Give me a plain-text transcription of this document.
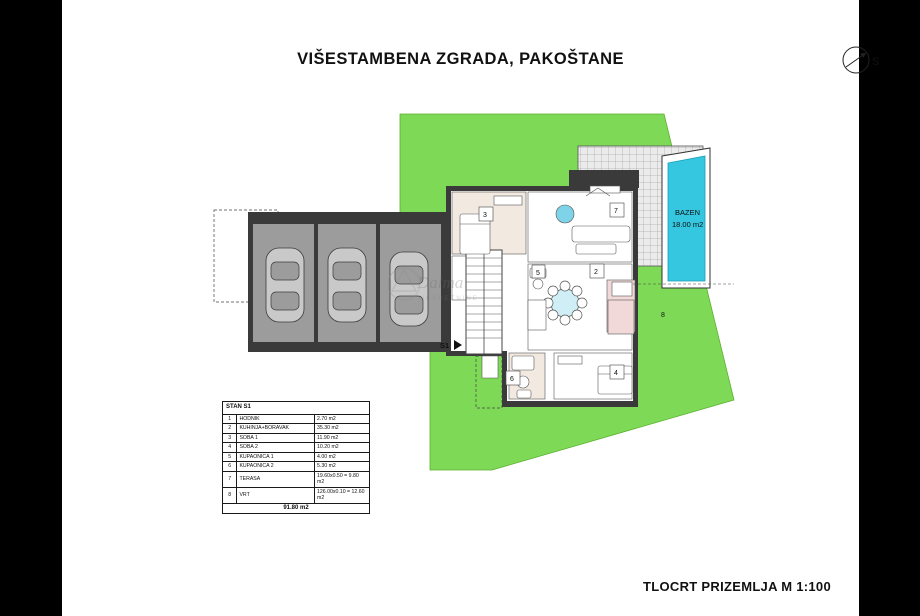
VIŠESTAMBENA ZGRADA, PAKOŠTANE	S
BAZEN
18.00 m2
3
2
5
6
4
7
8
S1
Dalma
NEKRETNINE
STAN S1		
1	HODNIK	2.70 m2
2	KUHINJA+BORAVAK	35.30 m2
3	SOBA 1	11.90 m2
4	SOBA 2	10.20 m2
5	KUPAONICA 1	4.00 m2
6	KUPAONICA 2	5.30 m2
7	TERASA	19.60x0.50 = 9.80 m2
8	VRT	126.00x0.10 = 12.60 m2
91.80 m2		
TLOCRT PRIZEMLJA M 1:100
